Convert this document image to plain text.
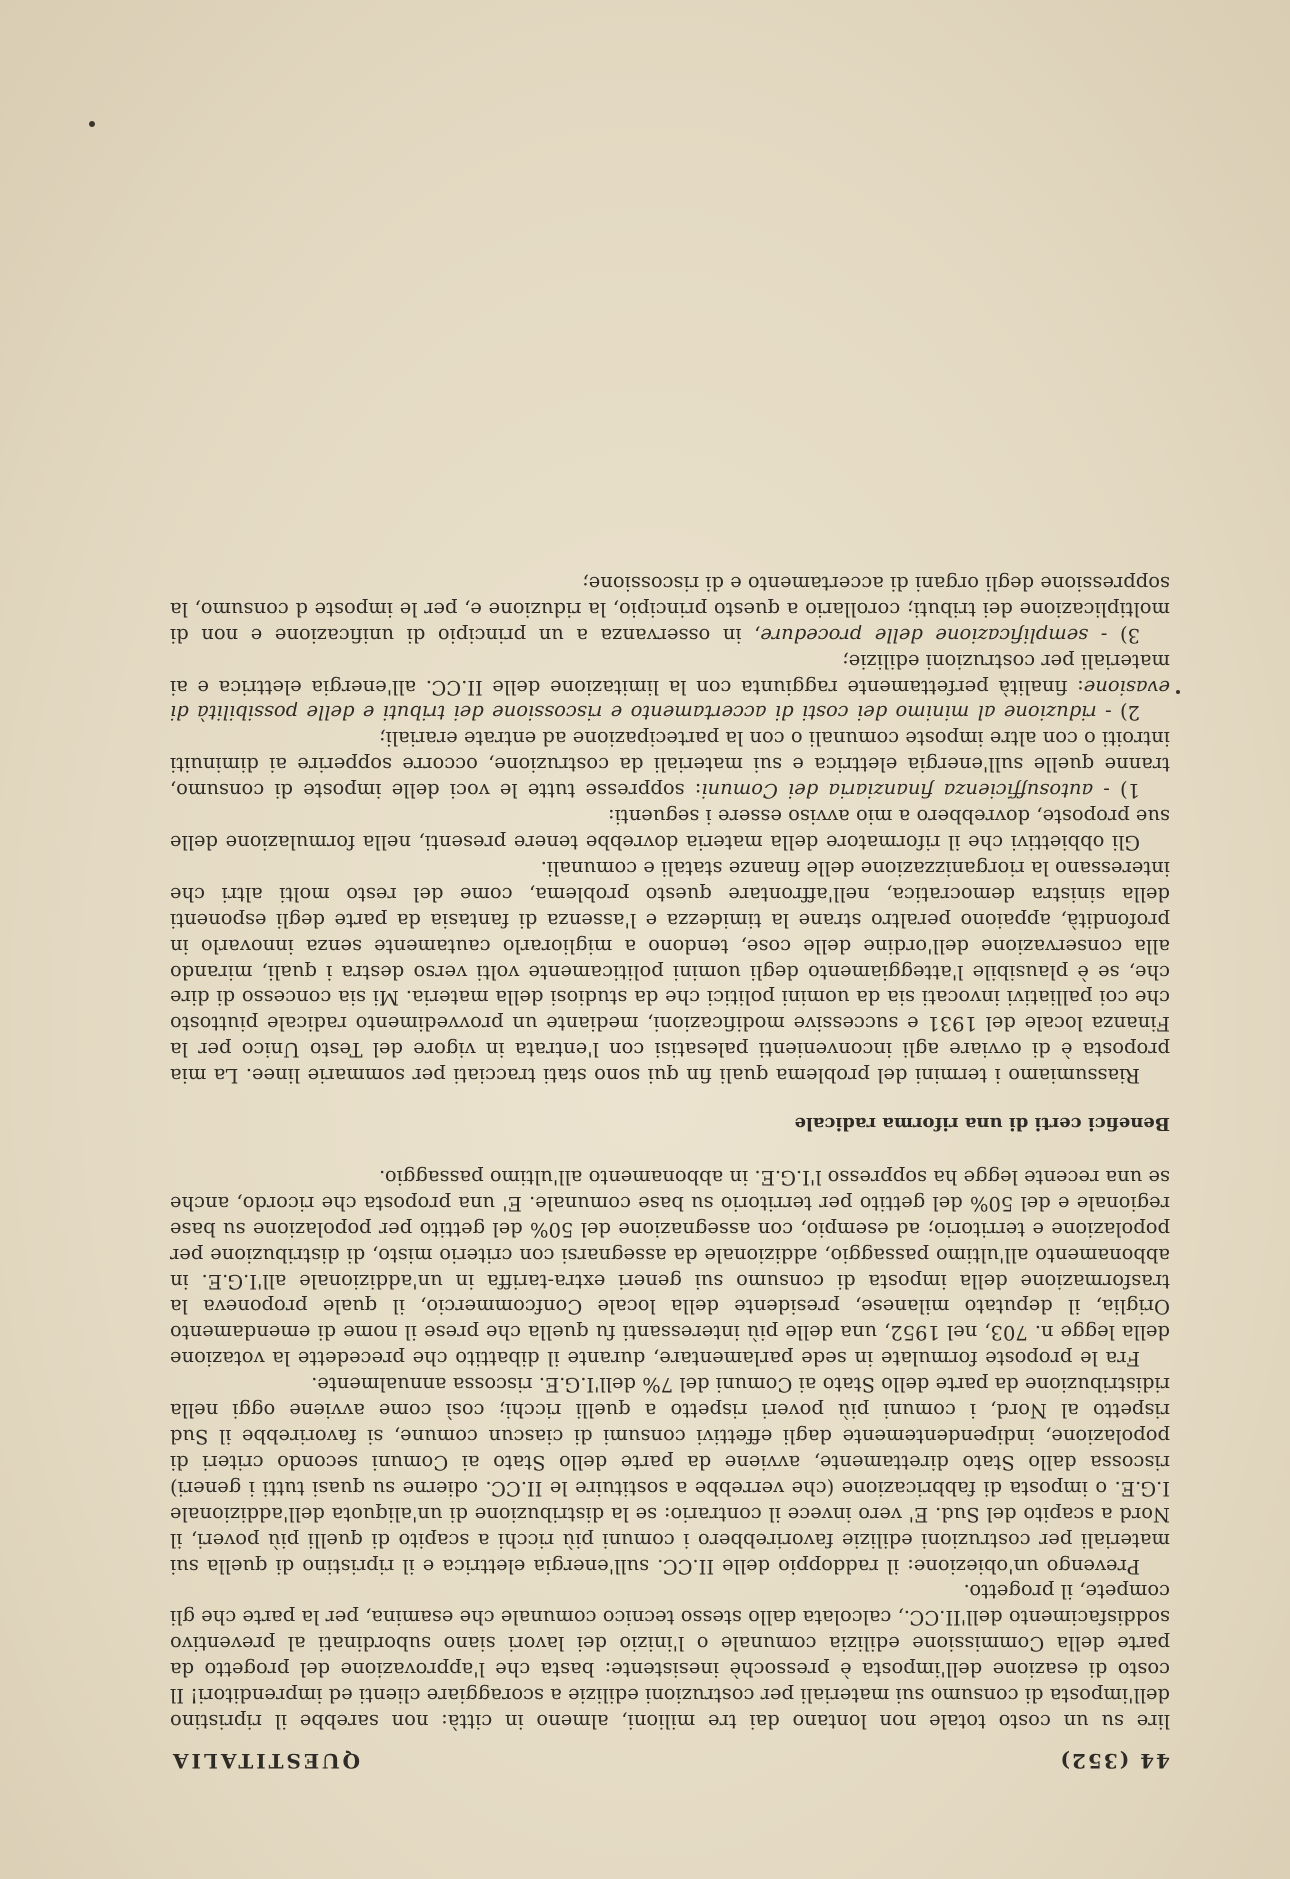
44 (352)
QUESTITALIA

lire su un costo totale non lontano dai tre milioni, almeno in città: non sarebbe il ripristino dell'imposta di consumo sui materiali per costruzioni edilizie a scoraggiare clienti ed imprenditori! Il costo di esazione dell'imposta è pressochè inesistente: basta che l'approvazione del progetto da parte della Commissione edilizia comunale o l'inizio dei lavori siano subordinati al preventivo soddisfacimento dell'II.CC., calcolata dallo stesso tecnico comunale che esamina, per la parte che gli compete, il progetto.

Prevengo un'obiezione: il raddoppio delle II.CC. sull'energia elettrica e il ripristino di quella sui materiali per costruzioni edilizie favorirebbero i comuni più ricchi a scapito di quelli più poveri, il Nord a scapito del Sud. E' vero invece il contrario: se la distribuzione di un'aliquota dell'addizionale I.G.E. o imposta di fabbricazione (che verrebbe a sostituire le II.CC. odierne su quasi tutti i generi) riscossa dallo Stato direttamente, avviene da parte dello Stato ai Comuni secondo criteri di popolazione, indipendentemente dagli effettivi consumi di ciascun comune, si favorirebbe il Sud rispetto al Nord, i comuni più poveri rispetto a quelli ricchi; così come avviene oggi nella ridistribuzione da parte dello Stato ai Comuni del 7% dell'I.G.E. riscossa annualmente.

Fra le proposte formulate in sede parlamentare, durante il dibattito che precedette la votazione della legge n. 703, nel 1952, una delle più interessanti fu quella che prese il nome di emendamento Origlia, il deputato milanese, presidente della locale Confcommercio, il quale proponeva la trasformazione della imposta di consumo sui generi extra-tariffa in un'addizionale all'I.G.E. in abbonamento all'ultimo passaggio, addizionale da assegnarsi con criterio misto, di distribuzione per popolazione e territorio; ad esempio, con assegnazione del 50% del gettito per popolazione su base regionale e del 50% del gettito per territorio su base comunale. E' una proposta che ricordo, anche se una recente legge ha soppresso l'I.G.E. in abbonamento all'ultimo passaggio.

Benefici certi di una riforma radicale

Riassumiamo i termini del problema quali fin qui sono stati tracciati per sommarie linee. La mia proposta è di ovviare agli inconvenienti palesatisi con l'entrata in vigore del Testo Unico per la Finanza locale del 1931 e successive modificazioni, mediante un provvedimento radicale piuttosto che coi palliativi invocati sia da uomini politici che da studiosi della materia. Mi sia concesso di dire che, se è plausibile l'atteggiamento degli uomini politicamente volti verso destra i quali, mirando alla conservazione dell'ordine delle cose, tendono a migliorarlo cautamente senza innovarlo in profondità, appaiono peraltro strane la timidezza e l'assenza di fantasia da parte degli esponenti della sinistra democratica, nell'affrontare questo problema, come del resto molti altri che interessano la riorganizzazione delle finanze statali e comunali.

Gli obbiettivi che il riformatore della materia dovrebbe tenere presenti, nella formulazione delle sue proposte, dovrebbero a mio avviso essere i seguenti:

1) - autosufficienza finanziaria dei Comuni: soppresse tutte le voci delle imposte di consumo, tranne quelle sull'energia elettrica e sui materiali da costruzione, occorre sopperire ai diminuiti introiti o con altre imposte comunali o con la partecipazione ad entrate erariali;

2) - riduzione al minimo dei costi di accertamento e riscossione dei tributi e delle possibilità di evasione: finalità perfettamente raggiunta con la limitazione delle II.CC. all'energia elettrica e ai materiali per costruzioni edilizie;

3) - semplificazione delle procedure, in osservanza a un principio di unificazione e non di moltiplicazione dei tributi; corollario a questo principio, la riduzione e, per le imposte d consumo, la soppressione degli organi di accertamento e di riscossione;
